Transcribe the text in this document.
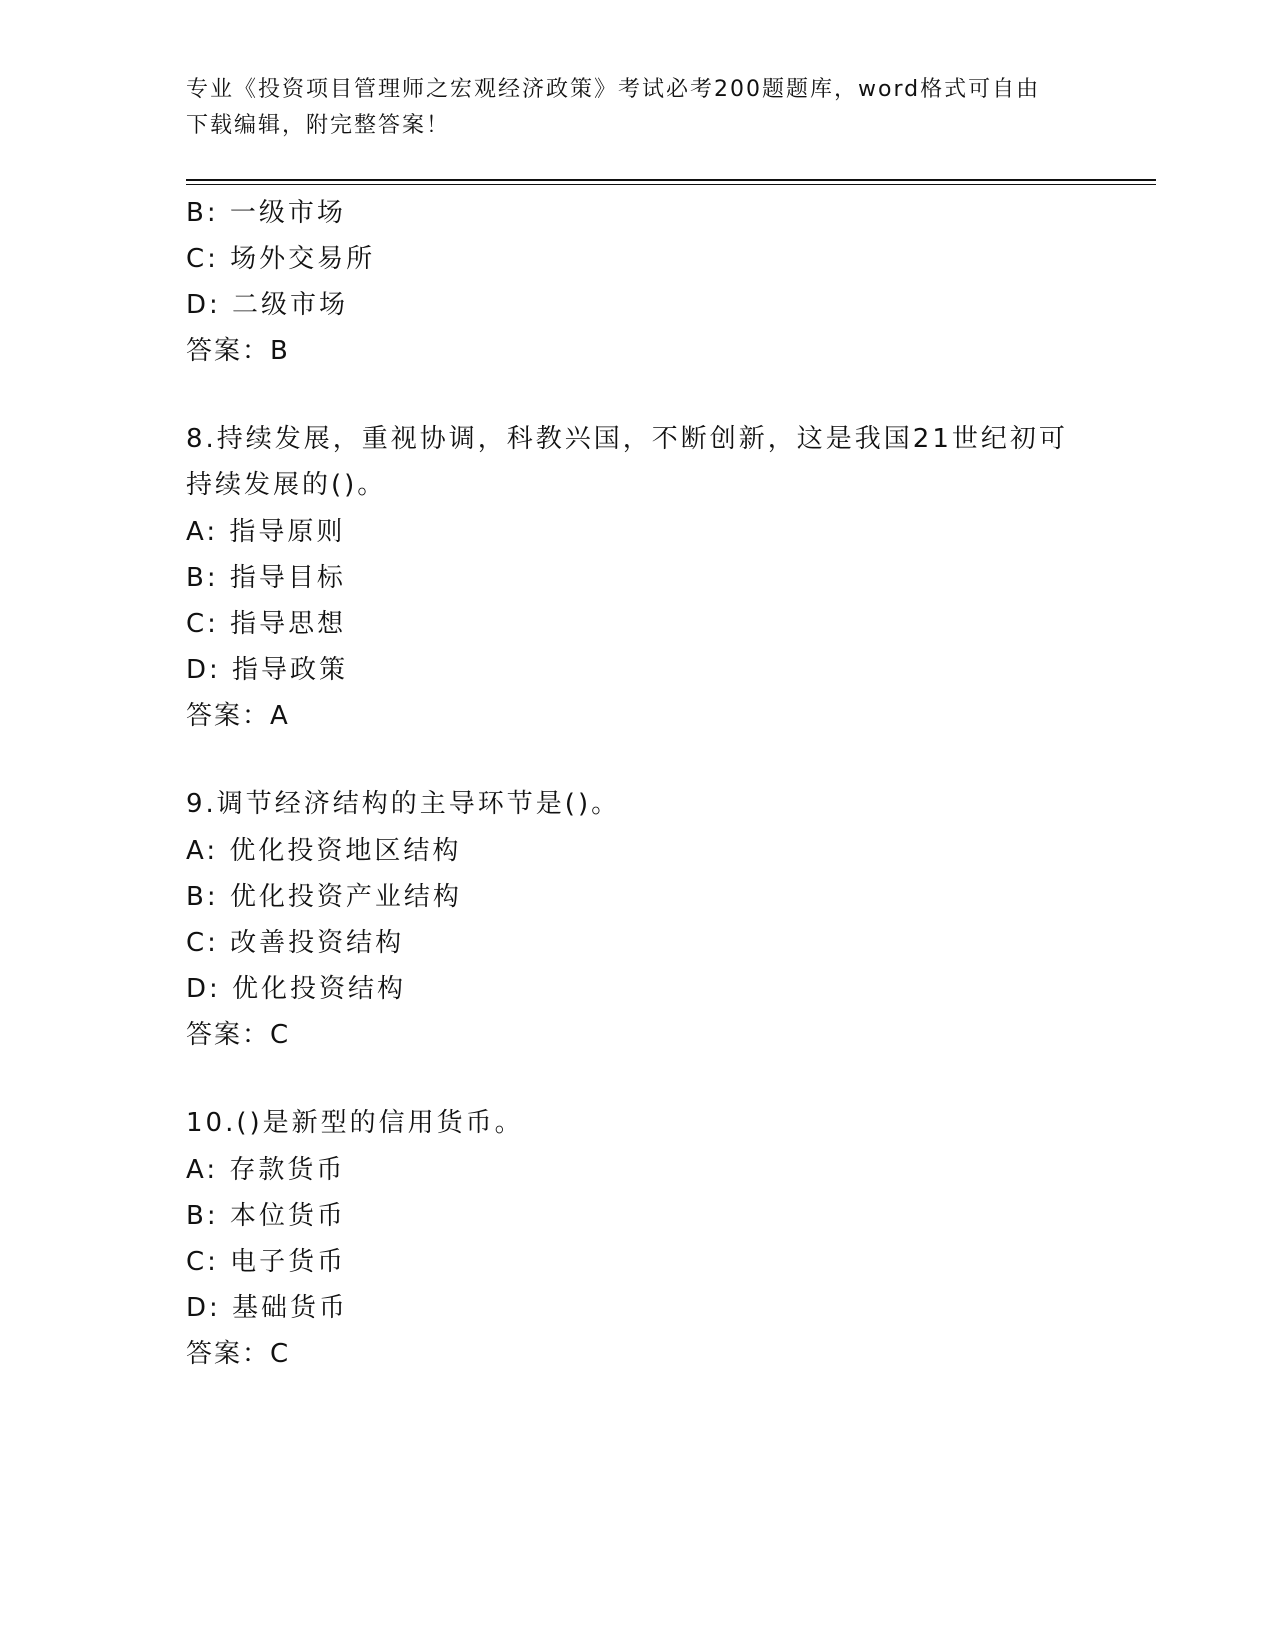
专业《投资项目管理师之宏观经济政策》考试必考200题题库，word格式可自由
下载编辑，附完整答案！
B: 一级市场
C: 场外交易所
D: 二级市场
答案：B
8.持续发展，重视协调，科教兴国，不断创新，这是我国21世纪初可
持续发展的()。
A: 指导原则
B: 指导目标
C: 指导思想
D: 指导政策
答案：A
9.调节经济结构的主导环节是()。
A: 优化投资地区结构
B: 优化投资产业结构
C: 改善投资结构
D: 优化投资结构
答案：C
10.()是新型的信用货币。
A: 存款货币
B: 本位货币
C: 电子货币
D: 基础货币
答案：C
